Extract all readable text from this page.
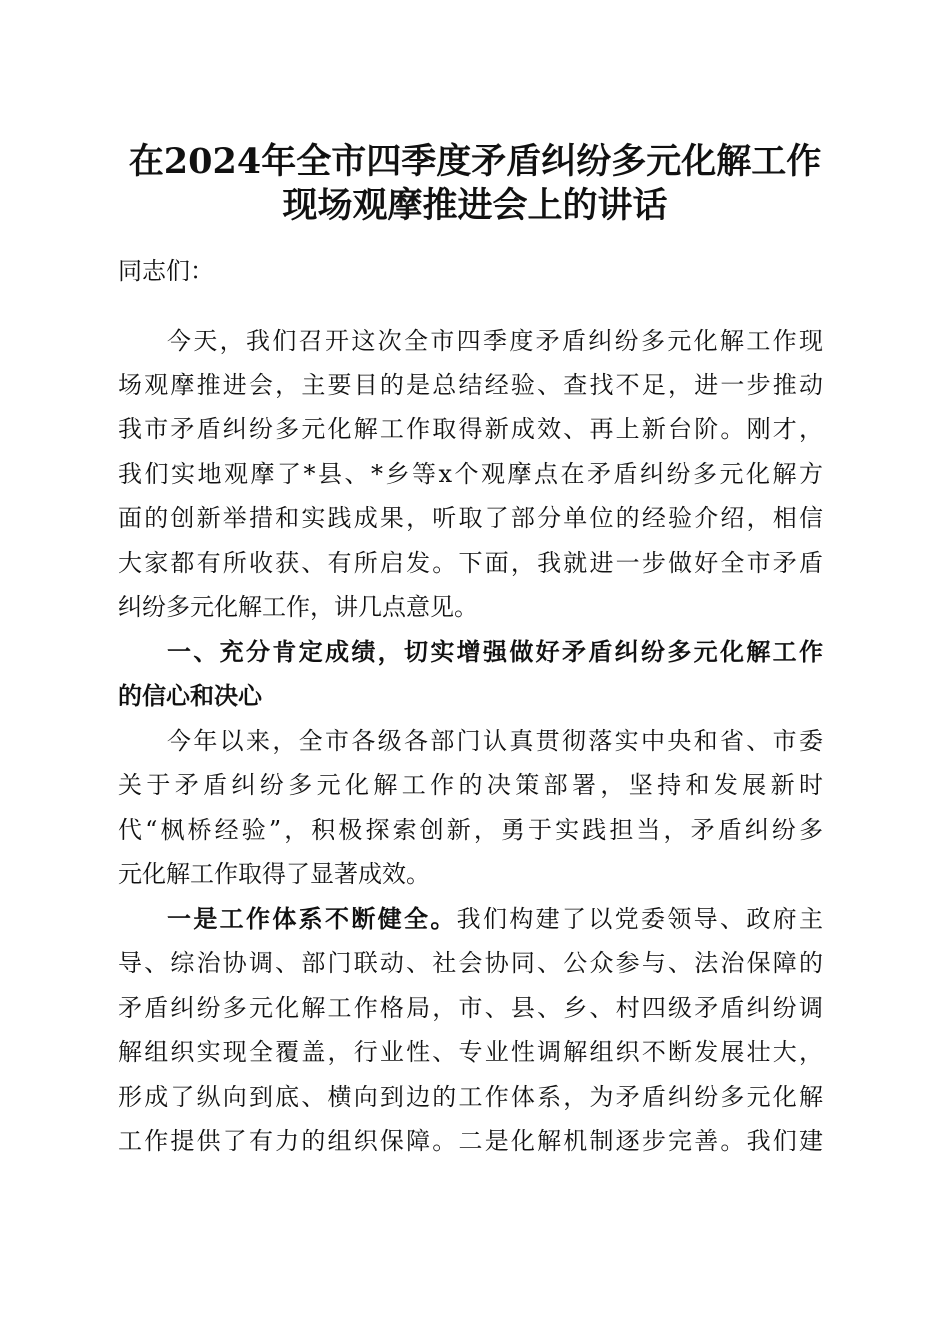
在2024年全市四季度矛盾纠纷多元化解工作
现场观摩推进会上的讲话
同志们：
今天，我们召开这次全市四季度矛盾纠纷多元化解工作现
场观摩推进会，主要目的是总结经验、查找不足，进一步推动
我市矛盾纠纷多元化解工作取得新成效、再上新台阶。刚才，
我们实地观摩了*县、*乡等x个观摩点在矛盾纠纷多元化解方
面的创新举措和实践成果，听取了部分单位的经验介绍，相信
大家都有所收获、有所启发。下面，我就进一步做好全市矛盾
纠纷多元化解工作，讲几点意见。
一、充分肯定成绩，切实增强做好矛盾纠纷多元化解工作
的信心和决心
今年以来，全市各级各部门认真贯彻落实中央和省、市委
关于矛盾纠纷多元化解工作的决策部署，坚持和发展新时
代“枫桥经验”，积极探索创新，勇于实践担当，矛盾纠纷多
元化解工作取得了显著成效。
一是工作体系不断健全。我们构建了以党委领导、政府主
导、综治协调、部门联动、社会协同、公众参与、法治保障的
矛盾纠纷多元化解工作格局，市、县、乡、村四级矛盾纠纷调
解组织实现全覆盖，行业性、专业性调解组织不断发展壮大，
形成了纵向到底、横向到边的工作体系，为矛盾纠纷多元化解
工作提供了有力的组织保障。二是化解机制逐步完善。我们建
